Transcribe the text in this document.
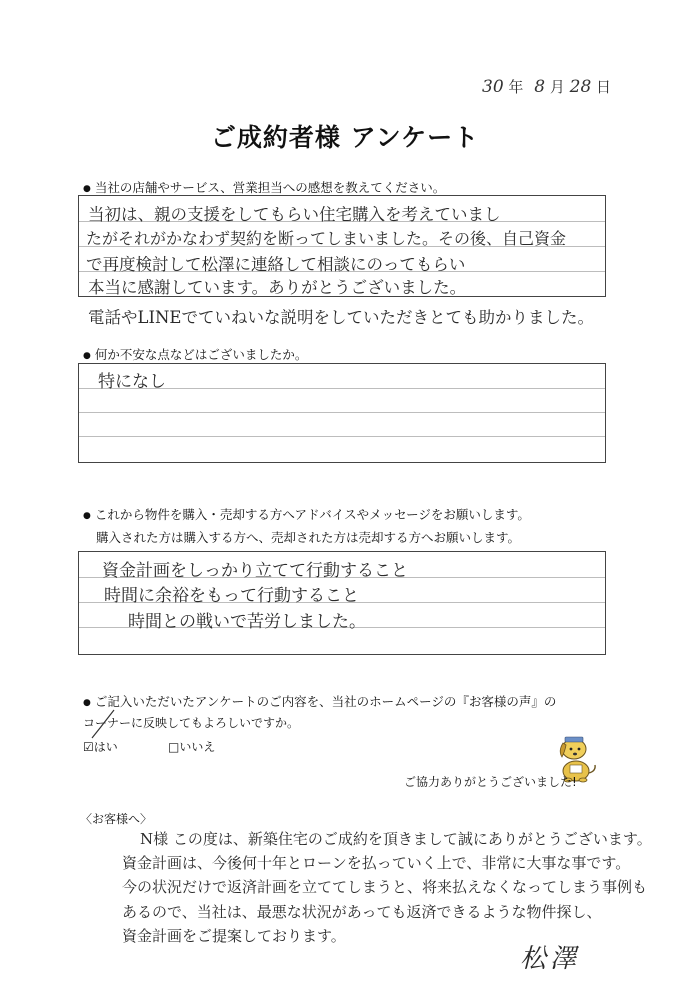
30 年 8 月 28 日
ご成約者様 アンケート
● 当社の店舗やサービス、営業担当への感想を教えてください。
当初は、親の支援をしてもらい住宅購入を考えていまし
たがそれがかなわず契約を断ってしまいました。その後、自己資金
で再度検討して松澤に連絡して相談にのってもらい
本当に感謝しています。ありがとうございました。
電話やLINEでていねいな説明をしていただきとても助かりました。
● 何か不安な点などはございましたか。
特になし
● これから物件を購入・売却する方へアドバイスやメッセージをお願いします。
購入された方は購入する方へ、売却された方は売却する方へお願いします。
資金計画をしっかり立てて行動すること
時間に余裕をもって行動すること
時間との戦いで苦労しました。
● ご記入いただいたアンケートのご内容を、当社のホームページの『お客様の声』の
コーナーに反映してもよろしいですか。
☑はい	□いいえ
ご協力ありがとうございました!
〈お客様へ〉
N様 この度は、新築住宅のご成約を頂きまして誠にありがとうございます。
資金計画は、今後何十年とローンを払っていく上で、非常に大事な事です。
今の状況だけで返済計画を立ててしまうと、将来払えなくなってしまう事例も
あるので、当社は、最悪な状況があっても返済できるような物件探し、
資金計画をご提案しております。
松澤
